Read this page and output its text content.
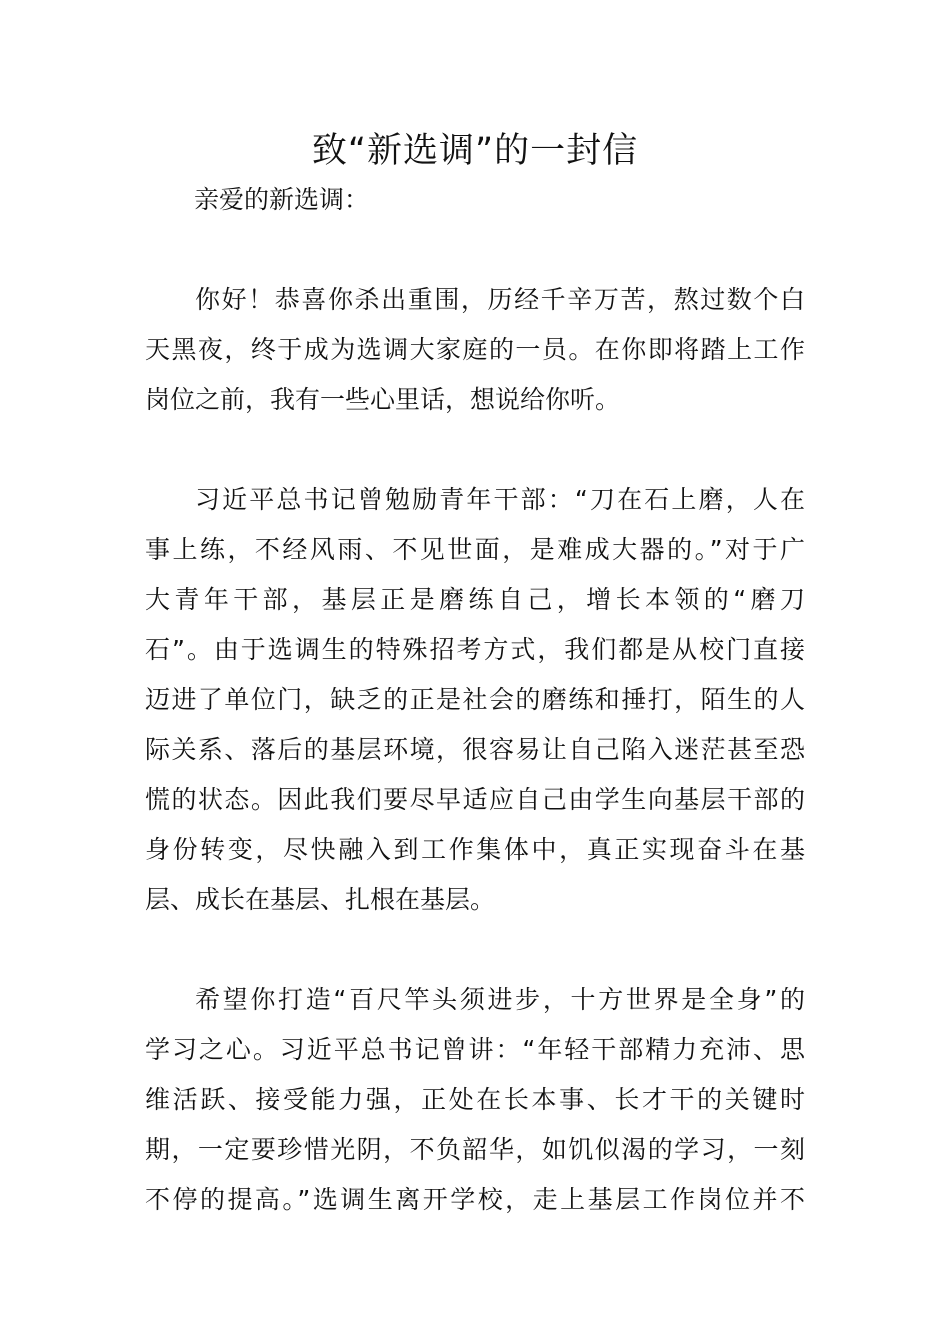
致“新选调”的一封信
亲爱的新选调：

你好！恭喜你杀出重围，历经千辛万苦，熬过数个白
天黑夜，终于成为选调大家庭的一员。在你即将踏上工作
岗位之前，我有一些心里话，想说给你听。

习近平总书记曾勉励青年干部：“刀在石上磨，人在
事上练，不经风雨、不见世面，是难成大器的。”对于广
大青年干部，基层正是磨练自己，增长本领的“磨刀
石”。由于选调生的特殊招考方式，我们都是从校门直接
迈进了单位门，缺乏的正是社会的磨练和捶打，陌生的人
际关系、落后的基层环境，很容易让自己陷入迷茫甚至恐
慌的状态。因此我们要尽早适应自己由学生向基层干部的
身份转变，尽快融入到工作集体中，真正实现奋斗在基
层、成长在基层、扎根在基层。

希望你打造“百尺竿头须进步，十方世界是全身”的
学习之心。习近平总书记曾讲：“年轻干部精力充沛、思
维活跃、接受能力强，正处在长本事、长才干的关键时
期，一定要珍惜光阴，不负韶华，如饥似渴的学习，一刻
不停的提高。”选调生离开学校，走上基层工作岗位并不
